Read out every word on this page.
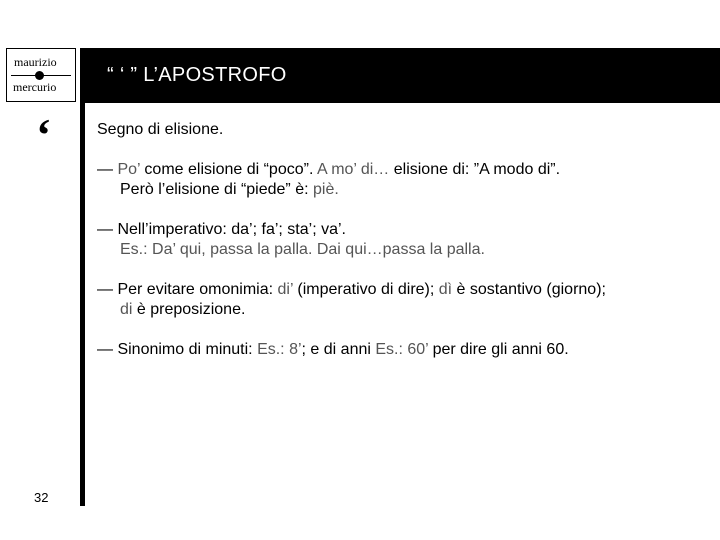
maurizio
mercurio
“ ‘ ” L’APOSTROFO
‘	Segno di elisione.

— Po’ come elisione di “poco”. A mo’ di… elisione di: ”A modo di”.
Però l’elisione di “piede” è: piè.
— Nell’imperativo: da’; fa’; sta’; va’.
Es.: Da’ qui, passa la palla. Dai qui…passa la palla.
— Per evitare omonimia: di’ (imperativo di dire); dì è sostantivo (giorno);
di è preposizione.
— Sinonimo di minuti: Es.: 8’; e di anni Es.: 60’ per dire gli anni 60.
32
